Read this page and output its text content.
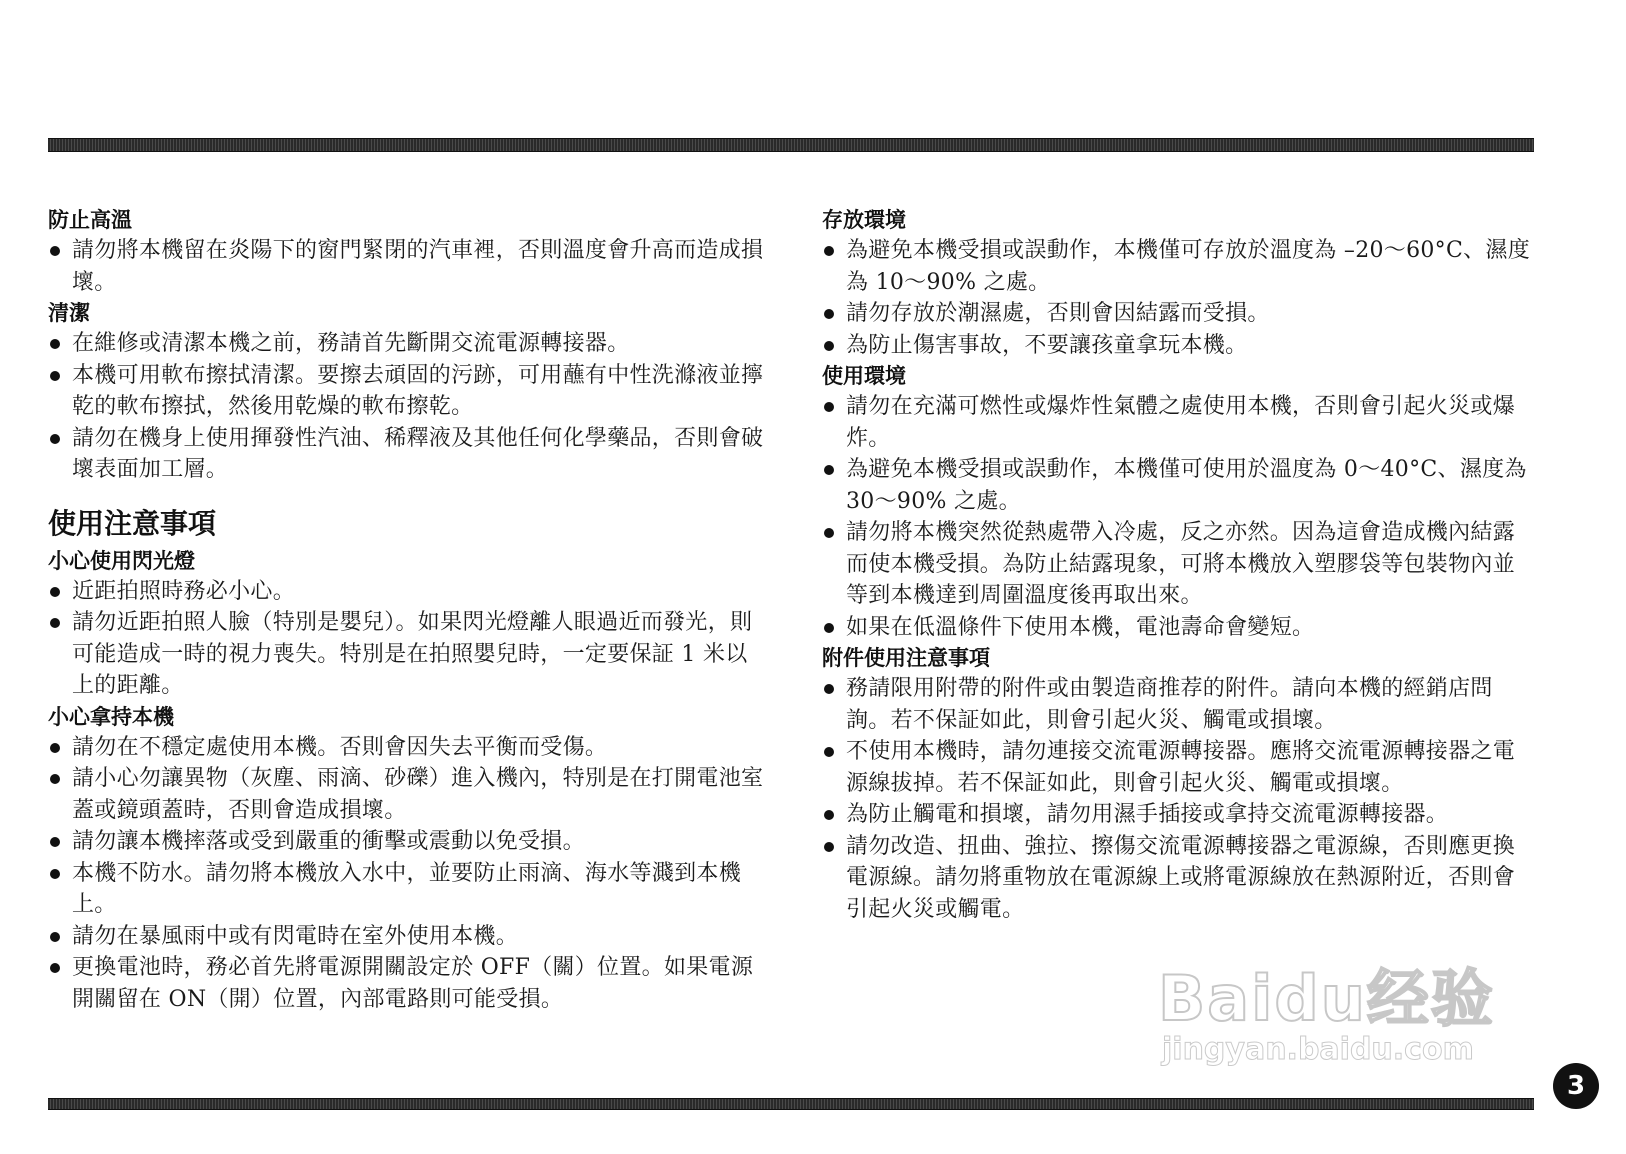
防止高溫
請勿將本機留在炎陽下的窗門緊閉的汽車裡，否則溫度會升高而造成損壞。
清潔
在維修或清潔本機之前，務請首先斷開交流電源轉接器。
本機可用軟布擦拭清潔。要擦去頑固的污跡，可用蘸有中性洗滌液並擰乾的軟布擦拭，然後用乾燥的軟布擦乾。
請勿在機身上使用揮發性汽油、稀釋液及其他任何化學藥品，否則會破壞表面加工層。
使用注意事項
小心使用閃光燈
近距拍照時務必小心。
請勿近距拍照人臉（特別是嬰兒）。如果閃光燈離人眼過近而發光，則可能造成一時的視力喪失。特別是在拍照嬰兒時，一定要保証 1 米以上的距離。
小心拿持本機
請勿在不穩定處使用本機。否則會因失去平衡而受傷。
請小心勿讓異物（灰塵、雨滴、砂礫）進入機內，特別是在打開電池室蓋或鏡頭蓋時，否則會造成損壞。
請勿讓本機摔落或受到嚴重的衝擊或震動以免受損。
本機不防水。請勿將本機放入水中，並要防止雨滴、海水等濺到本機上。
請勿在暴風雨中或有閃電時在室外使用本機。
更換電池時，務必首先將電源開關設定於 OFF（關）位置。如果電源開關留在 ON（開）位置，內部電路則可能受損。
存放環境
為避免本機受損或誤動作，本機僅可存放於溫度為 –20～60°C、濕度為 10～90% 之處。
請勿存放於潮濕處，否則會因結露而受損。
為防止傷害事故，不要讓孩童拿玩本機。
使用環境
請勿在充滿可燃性或爆炸性氣體之處使用本機，否則會引起火災或爆炸。
為避免本機受損或誤動作，本機僅可使用於溫度為 0～40°C、濕度為 30～90% 之處。
請勿將本機突然從熱處帶入冷處，反之亦然。因為這會造成機內結露而使本機受損。為防止結露現象，可將本機放入塑膠袋等包裝物內並等到本機達到周圍溫度後再取出來。
如果在低溫條件下使用本機，電池壽命會變短。
附件使用注意事項
務請限用附帶的附件或由製造商推荐的附件。請向本機的經銷店問詢。若不保証如此，則會引起火災、觸電或損壞。
不使用本機時，請勿連接交流電源轉接器。應將交流電源轉接器之電源線拔掉。若不保証如此，則會引起火災、觸電或損壞。
為防止觸電和損壞，請勿用濕手插接或拿持交流電源轉接器。
請勿改造、扭曲、強拉、擦傷交流電源轉接器之電源線，否則應更換電源線。請勿將重物放在電源線上或將電源線放在熱源附近，否則會引起火災或觸電。
3
Baidu经验
jingyan.baidu.com
